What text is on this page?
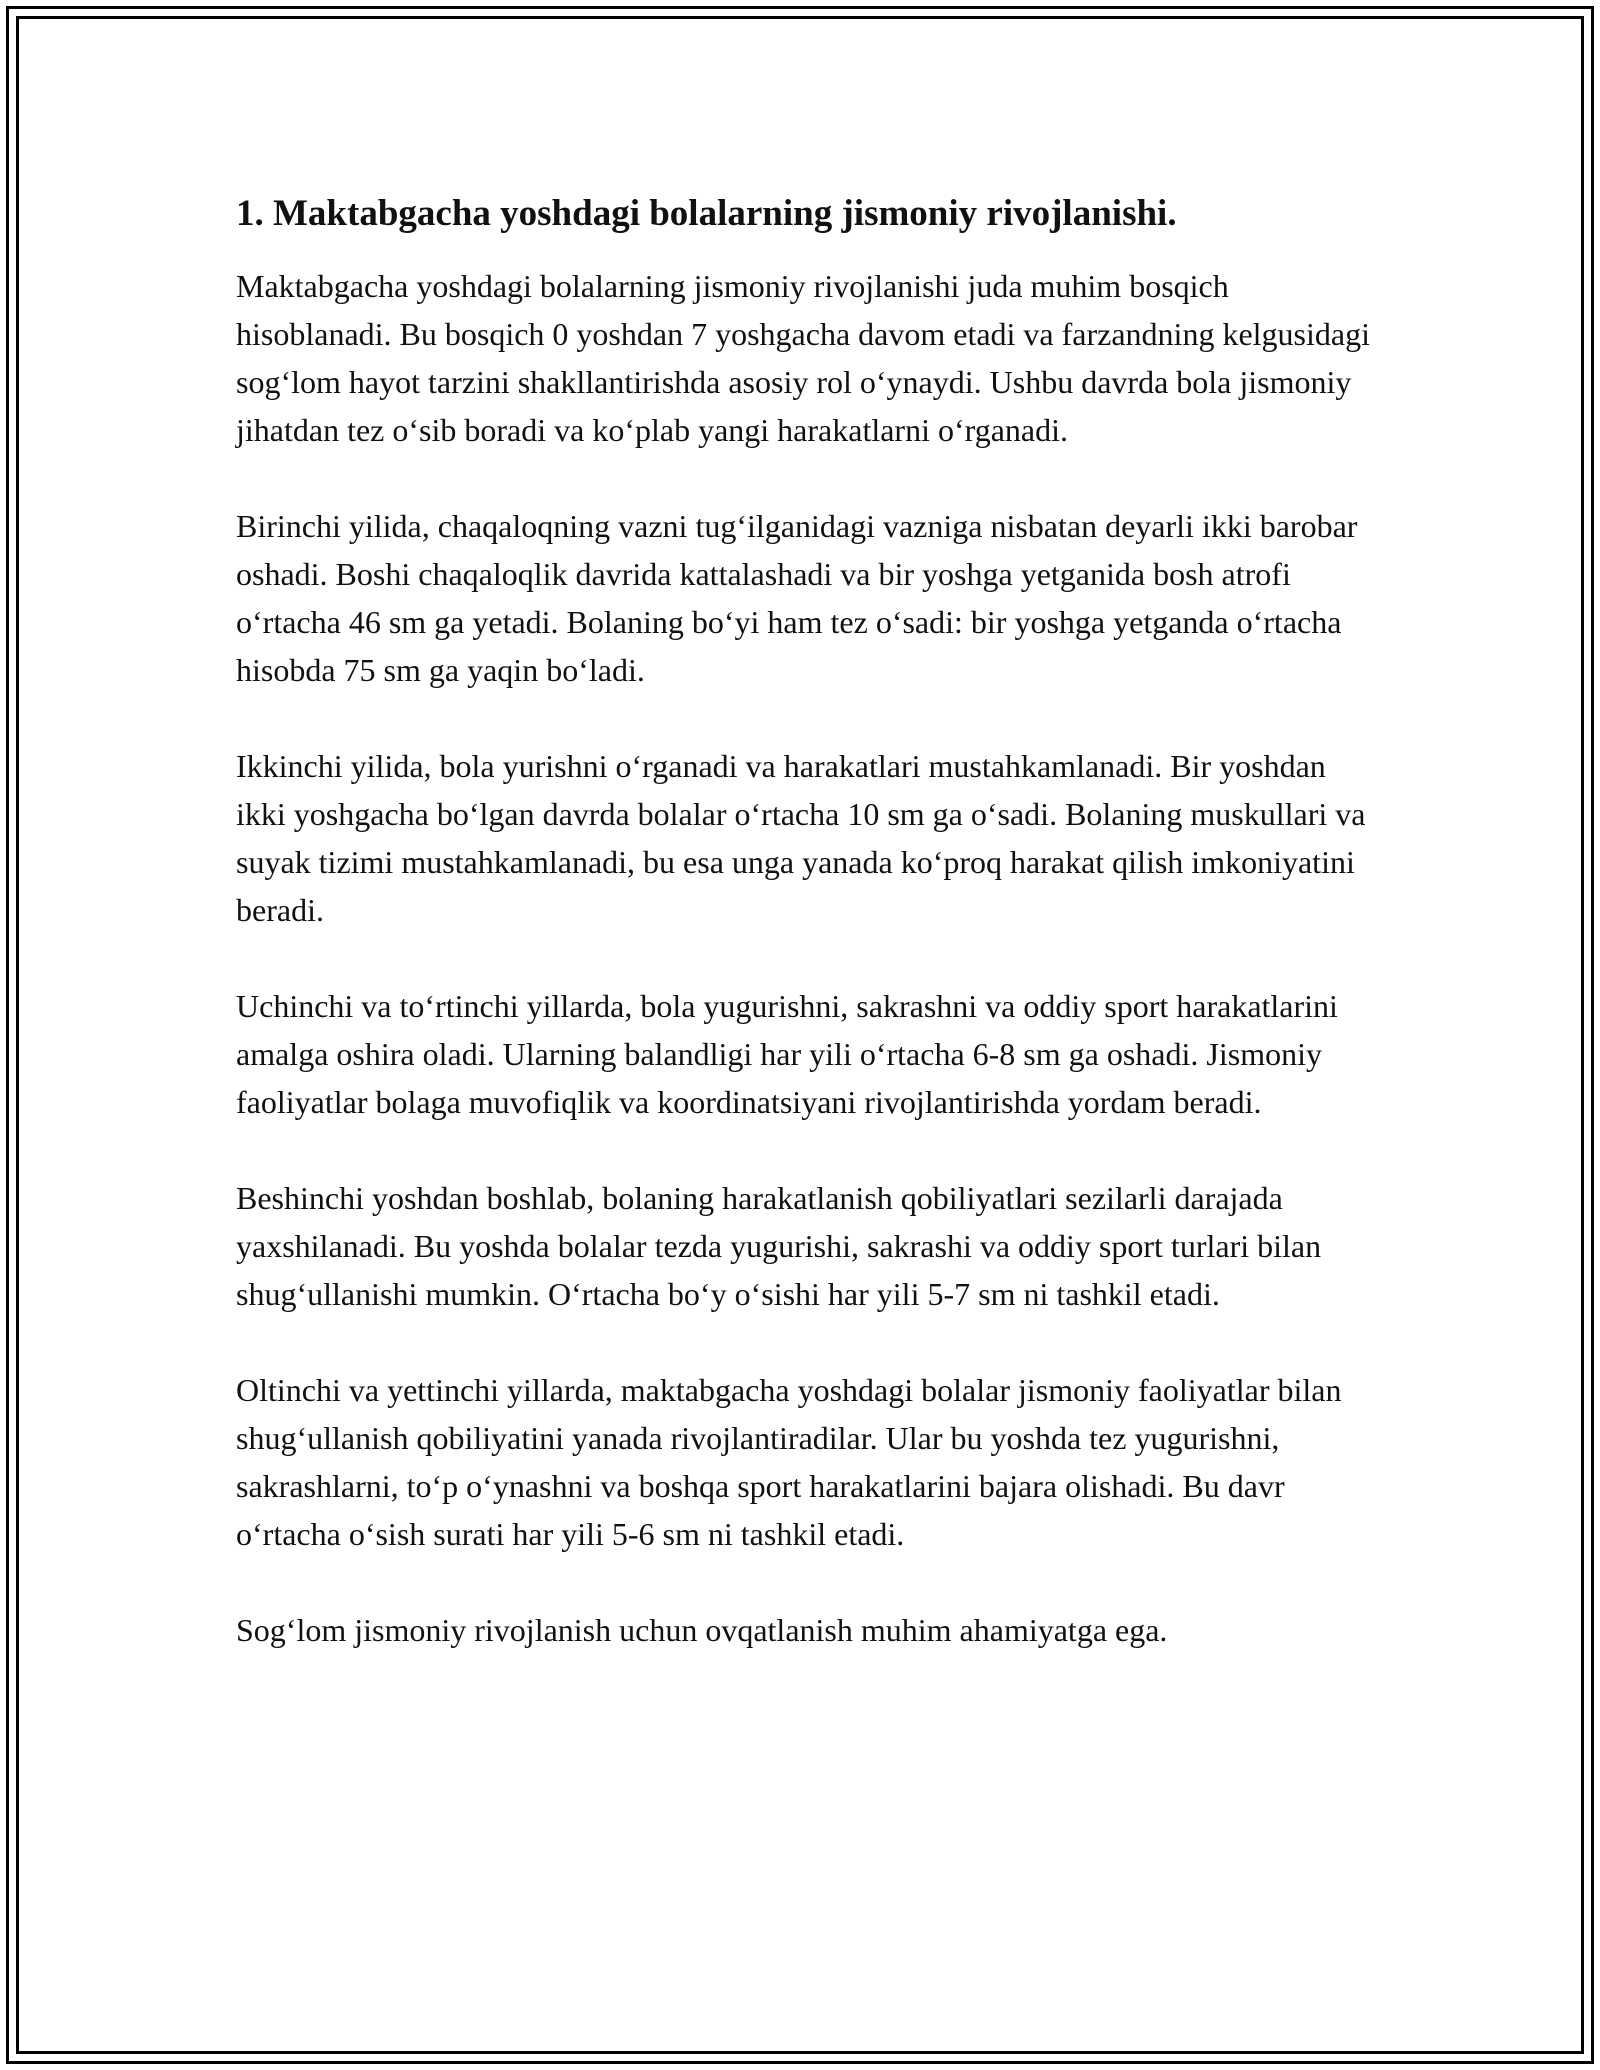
1. Maktabgacha yoshdagi bolalarning jismoniy rivojlanishi.

Maktabgacha yoshdagi bolalarning jismoniy rivojlanishi juda muhim bosqich hisoblanadi. Bu bosqich 0 yoshdan 7 yoshgacha davom etadi va farzandning kelgusidagi sog‘lom hayot tarzini shakllantirishda asosiy rol o‘ynaydi. Ushbu davrda bola jismoniy jihatdan tez o‘sib boradi va ko‘plab yangi harakatlarni o‘rganadi.

Birinchi yilida, chaqaloqning vazni tug‘ilganidagi vazniga nisbatan deyarli ikki barobar oshadi. Boshi chaqaloqlik davrida kattalashadi va bir yoshga yetganida bosh atrofi o‘rtacha 46 sm ga yetadi. Bolaning bo‘yi ham tez o‘sadi: bir yoshga yetganda o‘rtacha hisobda 75 sm ga yaqin bo‘ladi.

Ikkinchi yilida, bola yurishni o‘rganadi va harakatlari mustahkamlanadi. Bir yoshdan ikki yoshgacha bo‘lgan davrda bolalar o‘rtacha 10 sm ga o‘sadi. Bolaning muskullari va suyak tizimi mustahkamlanadi, bu esa unga yanada ko‘proq harakat qilish imkoniyatini beradi.

Uchinchi va to‘rtinchi yillarda, bola yugurishni, sakrashni va oddiy sport harakatlarini amalga oshira oladi. Ularning balandligi har yili o‘rtacha 6-8 sm ga oshadi. Jismoniy faoliyatlar bolaga muvofiqlik va koordinatsiyani rivojlantirishda yordam beradi.

Beshinchi yoshdan boshlab, bolaning harakatlanish qobiliyatlari sezilarli darajada yaxshilanadi. Bu yoshda bolalar tezda yugurishi, sakrashi va oddiy sport turlari bilan shug‘ullanishi mumkin. O‘rtacha bo‘y o‘sishi har yili 5-7 sm ni tashkil etadi.

Oltinchi va yettinchi yillarda, maktabgacha yoshdagi bolalar jismoniy faoliyatlar bilan shug‘ullanish qobiliyatini yanada rivojlantiradilar. Ular bu yoshda tez yugurishni, sakrashlarni, to‘p o‘ynashni va boshqa sport harakatlarini bajara olishadi. Bu davr o‘rtacha o‘sish surati har yili 5-6 sm ni tashkil etadi.

Sog‘lom jismoniy rivojlanish uchun ovqatlanish muhim ahamiyatga ega.
